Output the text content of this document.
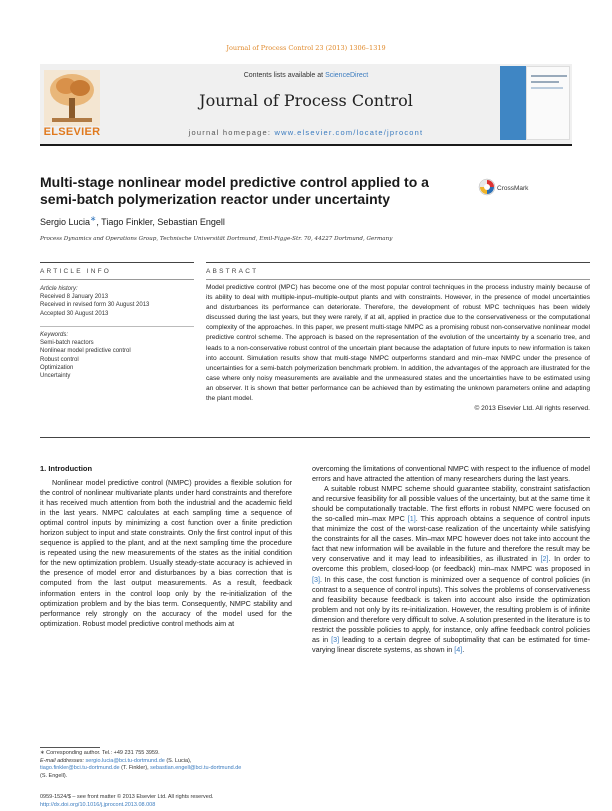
Journal of Process Control 23 (2013) 1306–1319
ELSEVIER
Contents lists available at ScienceDirect
Journal of Process Control
journal homepage: www.elsevier.com/locate/jprocont
Multi-stage nonlinear model predictive control applied to a
semi-batch polymerization reactor under uncertainty
CrossMark
Sergio Lucia∗, Tiago Finkler, Sebastian Engell
Process Dynamics and Operations Group, Technische Universität Dortmund, Emil-Figge-Str. 70, 44227 Dortmund, Germany
ARTICLE INFO	ABSTRACT
Article history:
Received 8 January 2013
Received in revised form 30 August 2013
Accepted 30 August 2013
Keywords:
Semi-batch reactors
Nonlinear model predictive control
Robust control
Optimization
Uncertainty
Model predictive control (MPC) has become one of the most popular control techniques in the process industry mainly because of its ability to deal with multiple-input–multiple-output plants and with constraints. However, in the presence of model uncertainties and disturbances its performance can deteriorate. Therefore, the development of robust MPC techniques has been widely discussed during the last years, but they were rarely, if at all, applied in practice due to the conservativeness or the computational complexity of the approaches. In this paper, we present multi-stage NMPC as a promising robust non-conservative nonlinear model predictive control scheme. The approach is based on the representation of the evolution of the uncertainty by a scenario tree, and leads to a non-conservative robust control of the uncertain plant because the adaptation of future inputs to new information is taken into account. Simulation results show that multi-stage NMPC outperforms standard and min–max NMPC under the presence of uncertainties for a semi-batch polymerization benchmark problem. In addition, the advantages of the approach are illustrated for the case where only noisy measurements are available and the unmeasured states and the uncertainties have to be estimated using an observer. It is shown that better performance can be achieved than by estimating the unknown parameters online and adapting the plant model.
© 2013 Elsevier Ltd. All rights reserved.
1. Introduction

Nonlinear model predictive control (NMPC) provides a flexible solution for the control of nonlinear multivariate plants under hard constraints and therefore it has received much attention from both the industrial and the academic field in the last years. NMPC calculates at each sampling time a sequence of optimal control inputs by minimizing a cost function over a finite prediction horizon subject to input and state constraints. Only the first control input of this sequence is applied to the plant, and at the next sampling time the procedure is repeated using the new measurements of the states as the initial condition for the new optimization problem. Usually steady-state accuracy is achieved in the presence of model error and disturbances by a bias correction that is computed from the last output measurements. As a result, feedback information enters in the control loop only by the re-initialization of the optimization problem and by the bias term. Consequently, NMPC stability and performance rely strongly on the accuracy of the model used for the optimization. Robust model predictive control methods aim at

overcoming the limitations of conventional NMPC with respect to the influence of model errors and have attracted the attention of many researchers during the last years.

A suitable robust NMPC scheme should guarantee stability, constraint satisfaction and recursive feasibility for all possible values of the uncertainty, but at the same time it should be computationally tractable. The first efforts in robust NMPC were focused on the so-called min–max MPC [1]. This approach obtains a sequence of control inputs that minimize the cost of the worst-case realization of the uncertainty while satisfying the constraints for all the cases. Min–max MPC however does not take into account the fact that new information will be available in the future and therefore the result may be very conservative and it may lead to infeasibilities, as illustrated in [2]. In order to overcome this problem, closed-loop (or feedback) min–max NMPC was proposed in [3]. In this case, the cost function is minimized over a sequence of control policies (in contrast to a sequence of control inputs). This solves the problems of conservativeness and feasibility because feedback is taken into account also inside the optimization problem and not only by its re-initialization. However, the resulting problem is of infinite dimension and therefore very difficult to solve. A solution presented in the literature is to restrict the possible policies to apply, for instance, only affine feedback control policies as in [3] leading to a certain degree of suboptimality that can be estimated for time-varying linear discrete systems, as shown in [4].

∗ Corresponding author. Tel.: +49 231 755 3959.
E-mail addresses: sergio.lucia@bci.tu-dortmund.de (S. Lucia),
tiago.finkler@bci.tu-dortmund.de (T. Finkler), sebastian.engell@bci.tu-dortmund.de
(S. Engell).
0959-1524/$ – see front matter © 2013 Elsevier Ltd. All rights reserved.
http://dx.doi.org/10.1016/j.jprocont.2013.08.008
